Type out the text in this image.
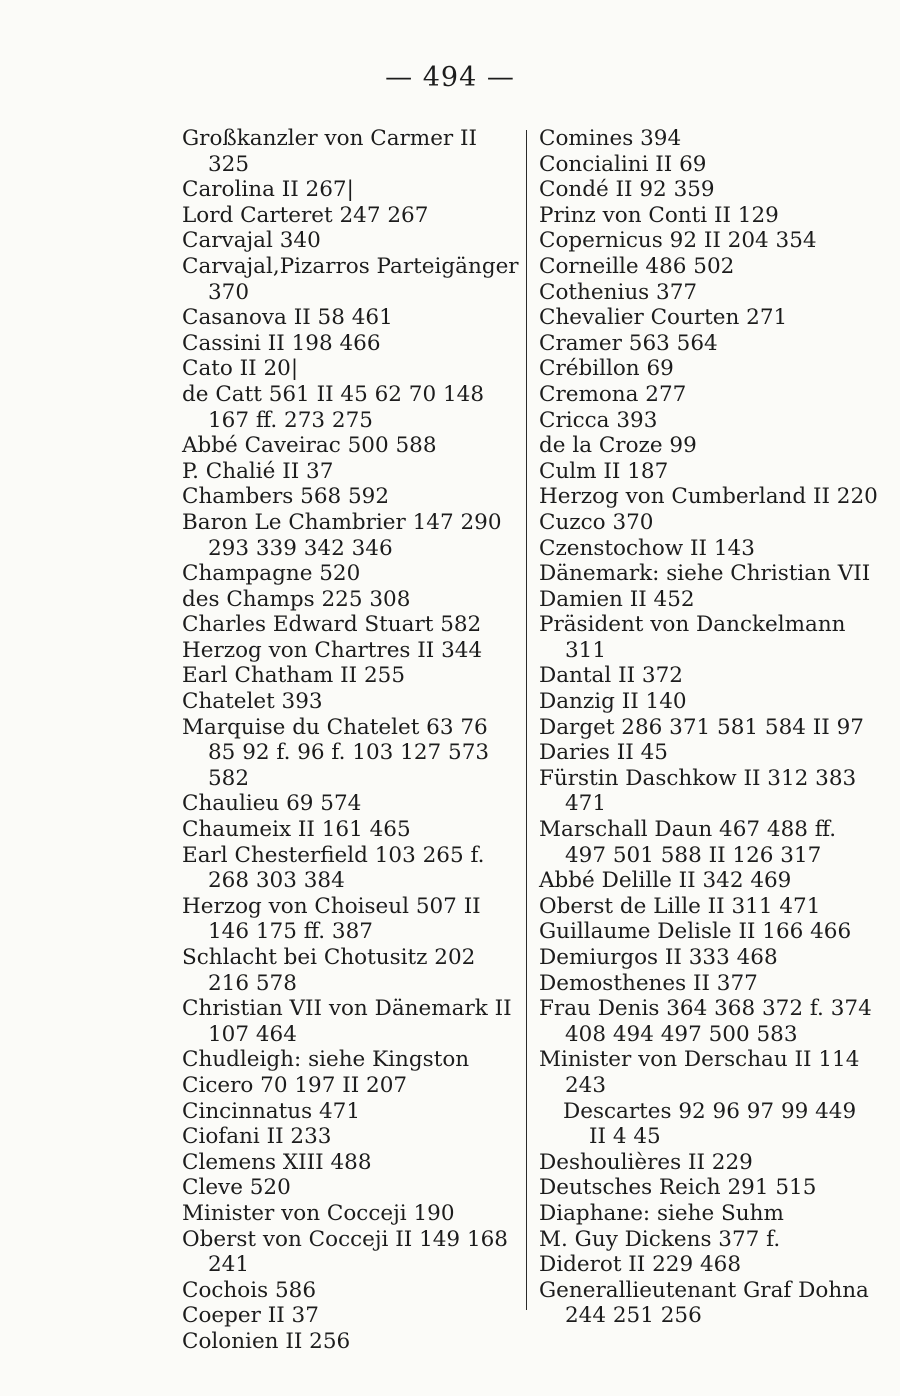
— 494 —
Großkanzler von Carmer II 325
Carolina II 267|
Lord Carteret 247 267
Carvajal 340
Carvajal,Pizarros Parteigänger 370
Casanova II 58 461
Cassini II 198 466
Cato II 20|
de Catt 561 II 45 62 70 148 167 ff. 273 275
Abbé Caveirac 500 588
P. Chalié II 37
Chambers 568 592
Baron Le Chambrier 147 290 293 339 342 346
Champagne 520
des Champs 225 308
Charles Edward Stuart 582
Herzog von Chartres II 344
Earl Chatham II 255
Chatelet 393
Marquise du Chatelet 63 76 85 92 f. 96 f. 103 127 573 582
Chaulieu 69 574
Chaumeix II 161 465
Earl Chesterfield 103 265 f. 268 303 384
Herzog von Choiseul 507 II 146 175 ff. 387
Schlacht bei Chotusitz 202 216 578
Christian VII von Dänemark II 107 464
Chudleigh: siehe Kingston
Cicero 70 197 II 207
Cincinnatus 471
Ciofani II 233
Clemens XIII 488
Cleve 520
Minister von Cocceji 190
Oberst von Cocceji II 149 168 241
Cochois 586
Coeper II 37
Colonien II 256
Comines 394
Concialini II 69
Condé II 92 359
Prinz von Conti II 129
Copernicus 92 II 204 354
Corneille 486 502
Cothenius 377
Chevalier Courten 271
Cramer 563 564
Crébillon 69
Cremona 277
Cricca 393
de la Croze 99
Culm II 187
Herzog von Cumberland II 220
Cuzco 370
Czenstochow II 143
Dänemark: siehe Christian VII
Damien II 452
Präsident von Danckelmann 311
Dantal II 372
Danzig II 140
Darget 286 371 581 584 II 97
Daries II 45
Fürstin Daschkow II 312 383 471
Marschall Daun 467 488 ff. 497 501 588 II 126 317
Abbé Delille II 342 469
Oberst de Lille II 311 471
Guillaume Delisle II 166 466
Demiurgos II 333 468
Demosthenes II 377
Frau Denis 364 368 372 f. 374 408 494 497 500 583
Minister von Derschau II 114 243
Descartes 92 96 97 99 449 II 4 45
Deshoulières II 229
Deutsches Reich 291 515
Diaphane: siehe Suhm
M. Guy Dickens 377 f.
Diderot II 229 468
Generallieutenant Graf Dohna 244 251 256
